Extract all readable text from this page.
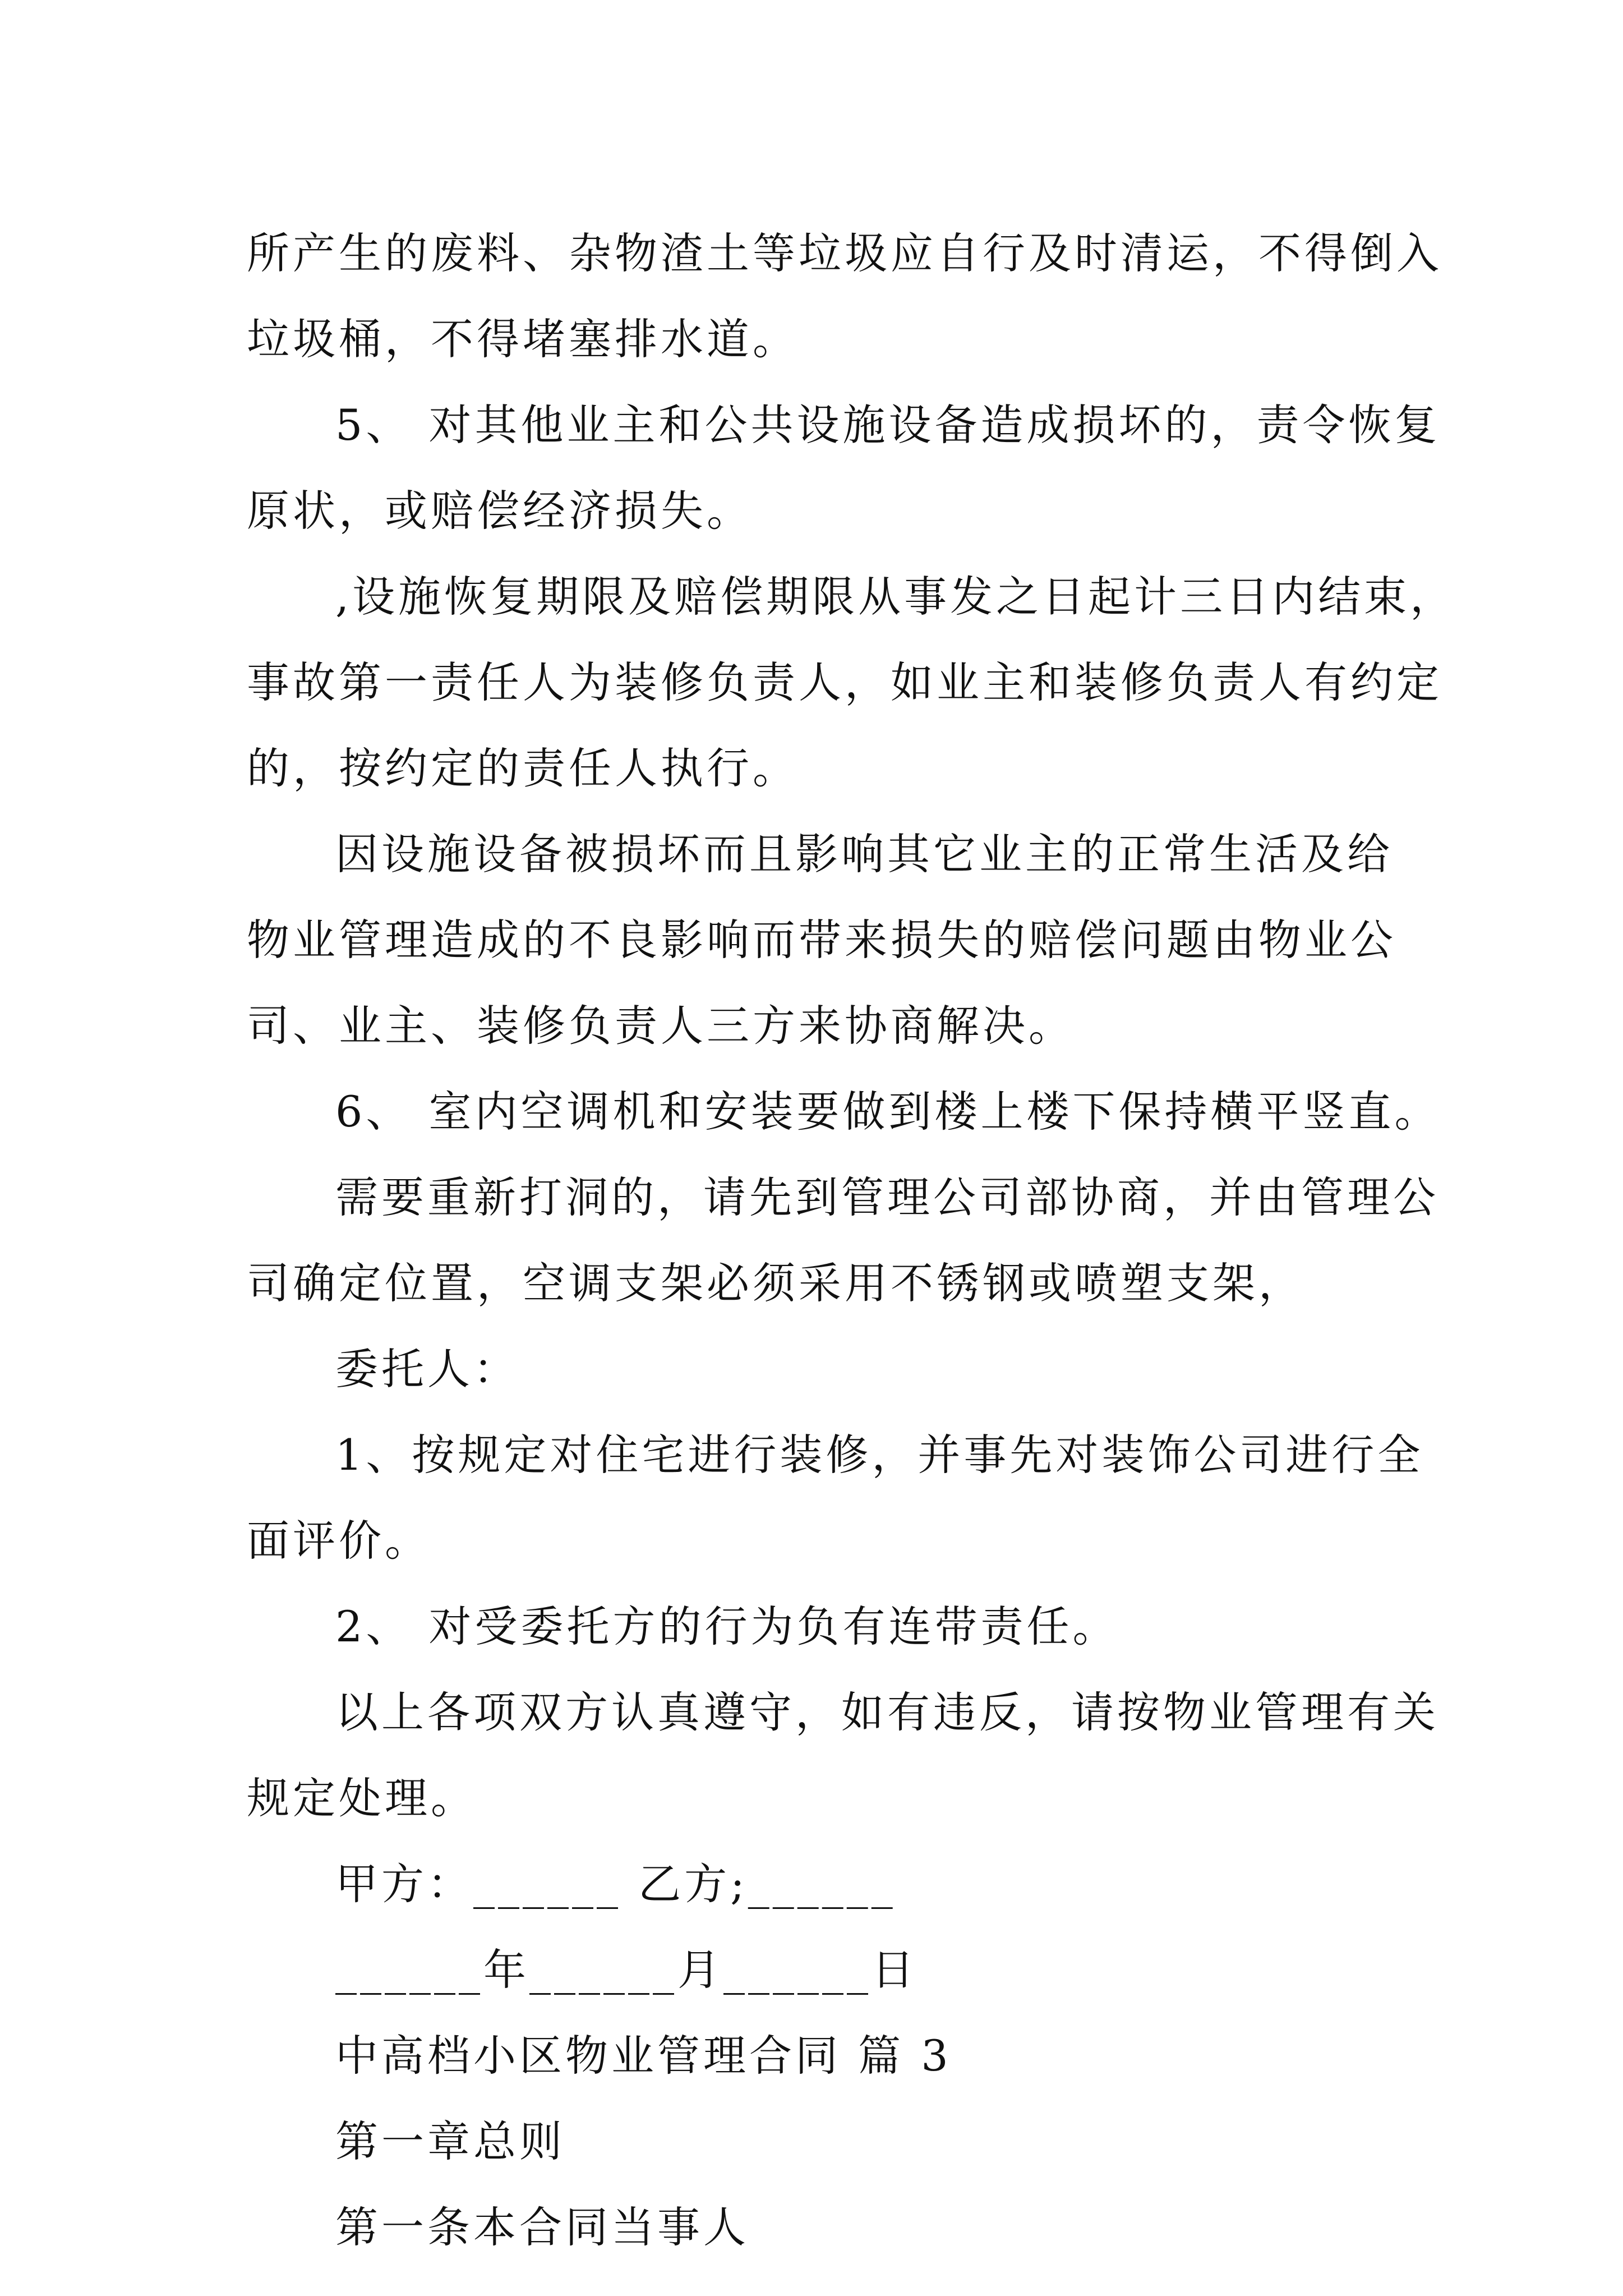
所产生的废料、杂物渣土等垃圾应自行及时清运，不得倒入
垃圾桶，不得堵塞排水道。
5、 对其他业主和公共设施设备造成损坏的，责令恢复
原状，或赔偿经济损失。
,设施恢复期限及赔偿期限从事发之日起计三日内结束，
事故第一责任人为装修负责人，如业主和装修负责人有约定
的，按约定的责任人执行。
因设施设备被损坏而且影响其它业主的正常生活及给
物业管理造成的不良影响而带来损失的赔偿问题由物业公
司、业主、装修负责人三方来协商解决。
6、 室内空调机和安装要做到楼上楼下保持横平竖直。
需要重新打洞的，请先到管理公司部协商，并由管理公
司确定位置，空调支架必须采用不锈钢或喷塑支架，
委托人：
1、按规定对住宅进行装修，并事先对装饰公司进行全
面评价。
2、 对受委托方的行为负有连带责任。
以上各项双方认真遵守，如有违反，请按物业管理有关
规定处理。
甲方：______ 乙方;______
______年______月______日
中高档小区物业管理合同 篇 3
第一章总则
第一条本合同当事人
